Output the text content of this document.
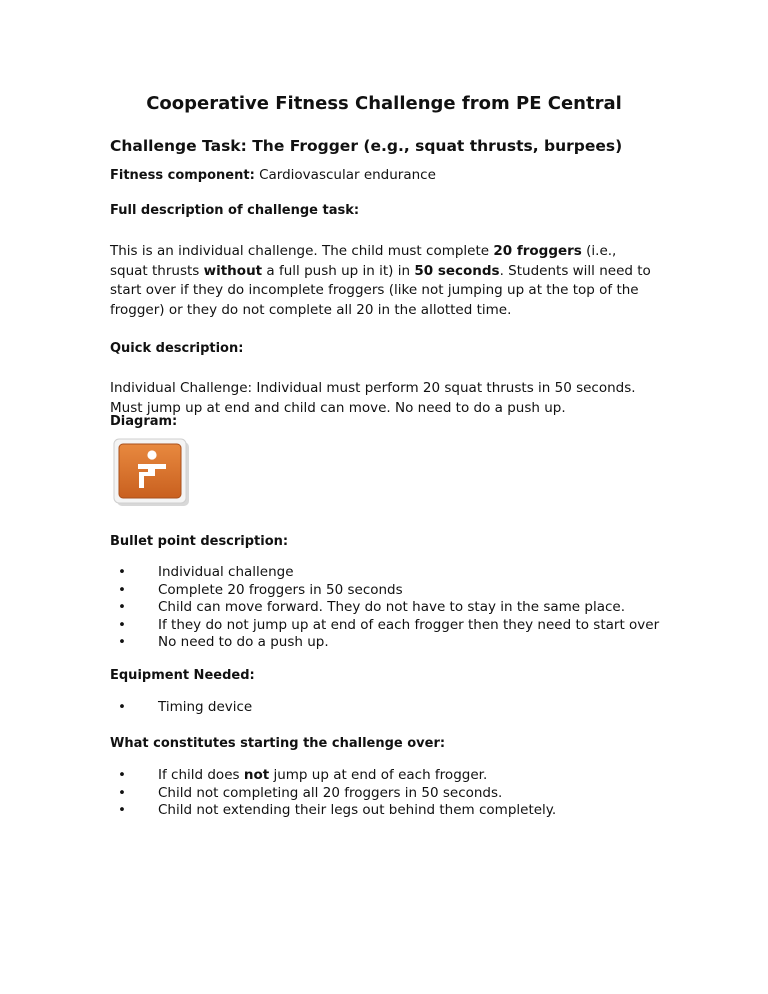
Cooperative Fitness Challenge from PE Central
Challenge Task: The Frogger (e.g., squat thrusts, burpees)
Fitness component: Cardiovascular endurance
Full description of challenge task:
This is an individual challenge. The child must complete 20 froggers (i.e., squat thrusts without a full push up in it) in 50 seconds. Students will need to start over if they do incomplete froggers (like not jumping up at the top of the frogger) or they do not complete all 20 in the allotted time.
Quick description:
Individual Challenge: Individual must perform 20 squat thrusts in 50 seconds. Must jump up at end and child can move. No need to do a push up.
Diagram:
Bullet point description:
• Individual challenge
• Complete 20 froggers in 50 seconds
• Child can move forward. They do not have to stay in the same place.
• If they do not jump up at end of each frogger then they need to start over
• No need to do a push up.
Equipment Needed:
• Timing device
What constitutes starting the challenge over:
• If child does not jump up at end of each frogger.
• Child not completing all 20 froggers in 50 seconds.
• Child not extending their legs out behind them completely.
